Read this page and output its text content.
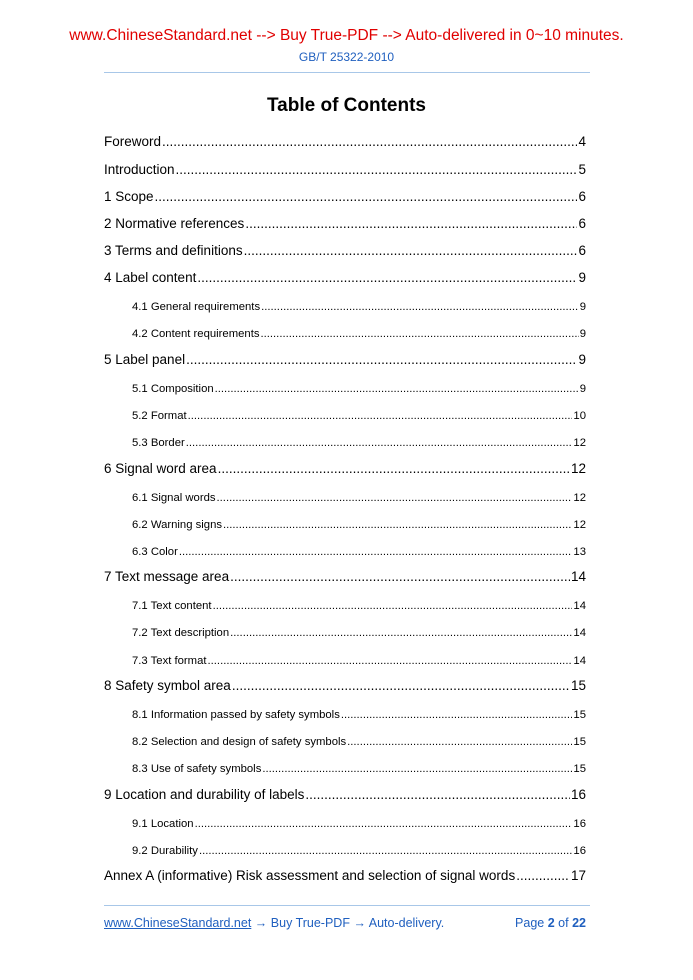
www.ChineseStandard.net --> Buy True-PDF --> Auto-delivered in 0~10 minutes.
GB/T 25322-2010
Table of Contents
Foreword .....	4
Introduction .....	5
1 Scope .....	6
2 Normative references .....	6
3 Terms and definitions .....	6
4 Label content .....	9
4.1 General requirements .....	9
4.2 Content requirements .....	9
5 Label panel .....	9
5.1 Composition .....	9
5.2 Format .....	10
5.3 Border .....	12
6 Signal word area .....	12
6.1 Signal words .....	12
6.2 Warning signs .....	12
6.3 Color .....	13
7 Text message area .....	14
7.1 Text content .....	14
7.2 Text description .....	14
7.3 Text format .....	14
8 Safety symbol area .....	15
8.1 Information passed by safety symbols .....	15
8.2 Selection and design of safety symbols .....	15
8.3 Use of safety symbols .....	15
9 Location and durability of labels .....	16
9.1 Location .....	16
9.2 Durability .....	16
Annex A (informative) Risk assessment and selection of signal words .....	17
www.ChineseStandard.net → Buy True-PDF → Auto-delivery.	Page 2 of 22
